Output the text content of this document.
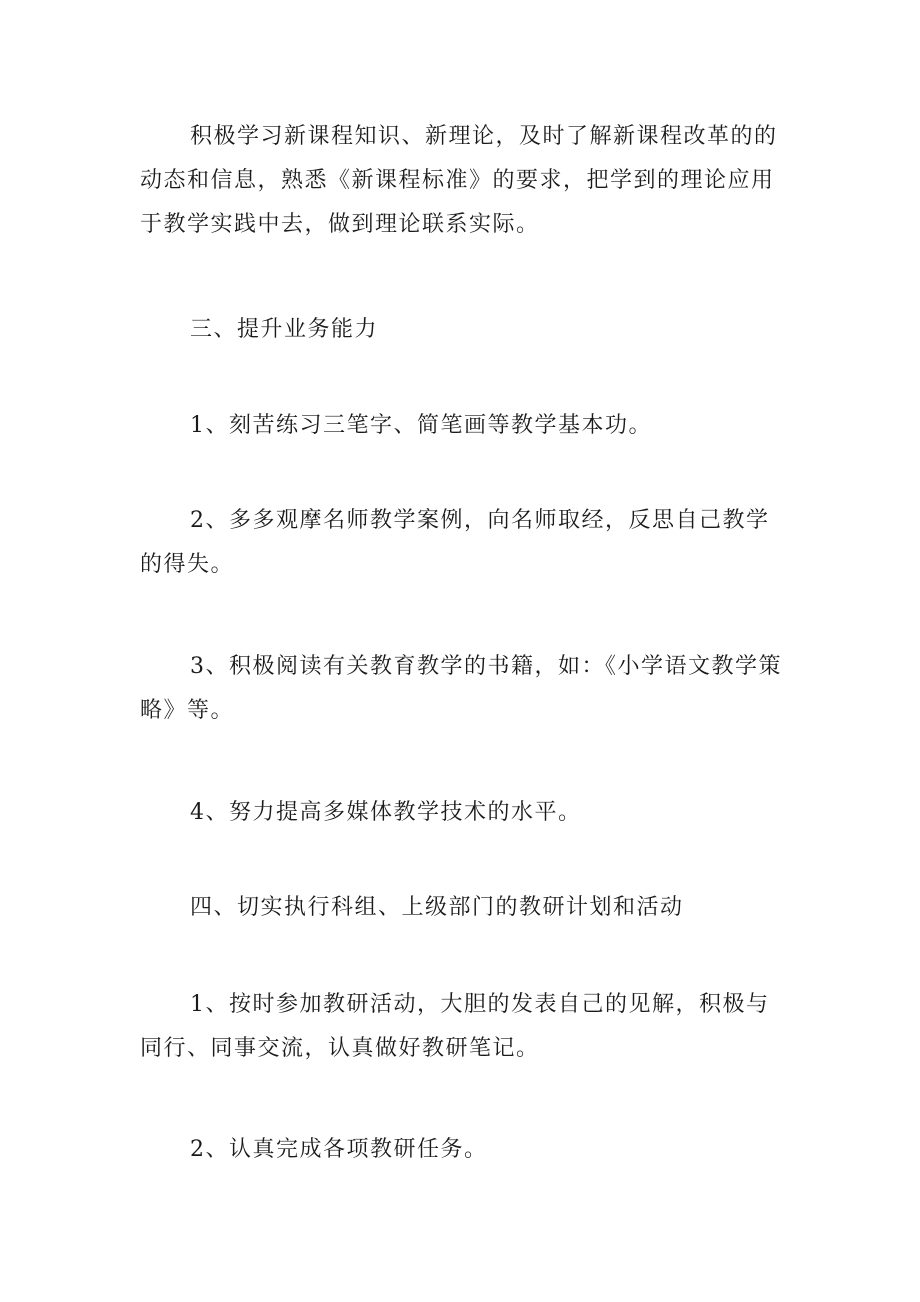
积极学习新课程知识、新理论，及时了解新课程改革的的动态和信息，熟悉《新课程标准》的要求，把学到的理论应用于教学实践中去，做到理论联系实际。

三、提升业务能力

1、刻苦练习三笔字、简笔画等教学基本功。

2、多多观摩名师教学案例，向名师取经，反思自己教学的得失。

3、积极阅读有关教育教学的书籍，如：《小学语文教学策略》等。

4、努力提高多媒体教学技术的水平。

四、切实执行科组、上级部门的教研计划和活动

1、按时参加教研活动，大胆的发表自己的见解，积极与同行、同事交流，认真做好教研笔记。

2、认真完成各项教研任务。
